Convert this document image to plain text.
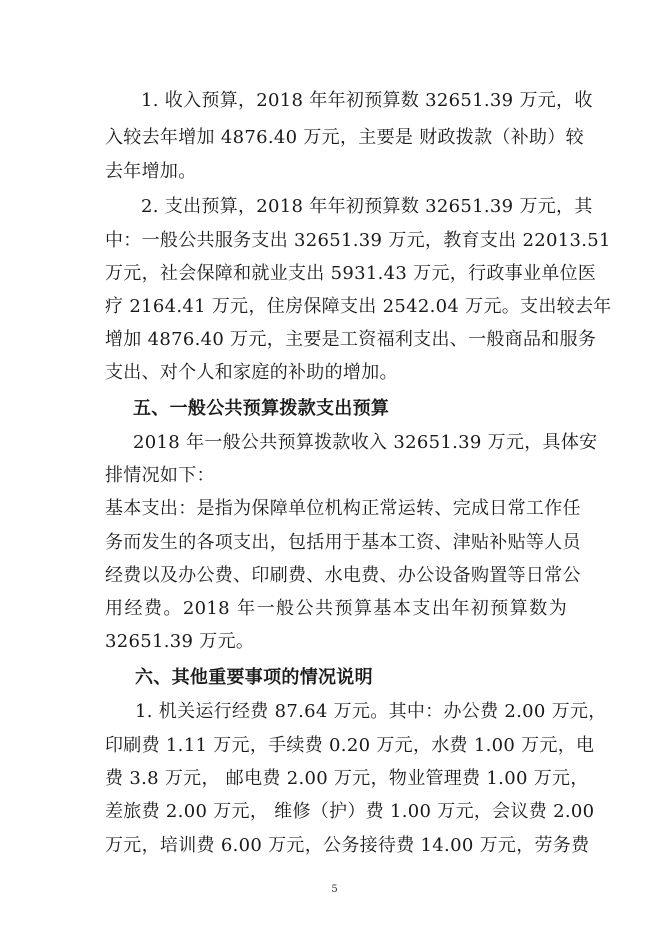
1. 收入预算，2018 年年初预算数 32651.39 万元，收
入较去年增加 4876.40 万元，主要是 财政拨款（补助）较
去年增加。
2. 支出预算，2018 年年初预算数 32651.39 万元，其
中：一般公共服务支出 32651.39 万元，教育支出 22013.51
万元，社会保障和就业支出 5931.43 万元，行政事业单位医
疗 2164.41 万元，住房保障支出 2542.04 万元。支出较去年
增加 4876.40 万元，主要是工资福利支出、一般商品和服务
支出、对个人和家庭的补助的增加。
五、一般公共预算拨款支出预算
2018 年一般公共预算拨款收入 32651.39 万元，具体安
排情况如下：
基本支出：是指为保障单位机构正常运转、完成日常工作任
务而发生的各项支出，包括用于基本工资、津贴补贴等人员
经费以及办公费、印刷费、水电费、办公设备购置等日常公
用经费。2018 年一般公共预算基本支出年初预算数为
32651.39 万元。
六、其他重要事项的情况说明
1. 机关运行经费 87.64 万元。其中：办公费 2.00 万元，
印刷费 1.11 万元，手续费 0.20 万元，水费 1.00 万元，电
费 3.8 万元， 邮电费 2.00 万元，物业管理费 1.00 万元，
差旅费 2.00 万元， 维修（护）费 1.00 万元，会议费 2.00
万元，培训费 6.00 万元，公务接待费 14.00 万元，劳务费
5
